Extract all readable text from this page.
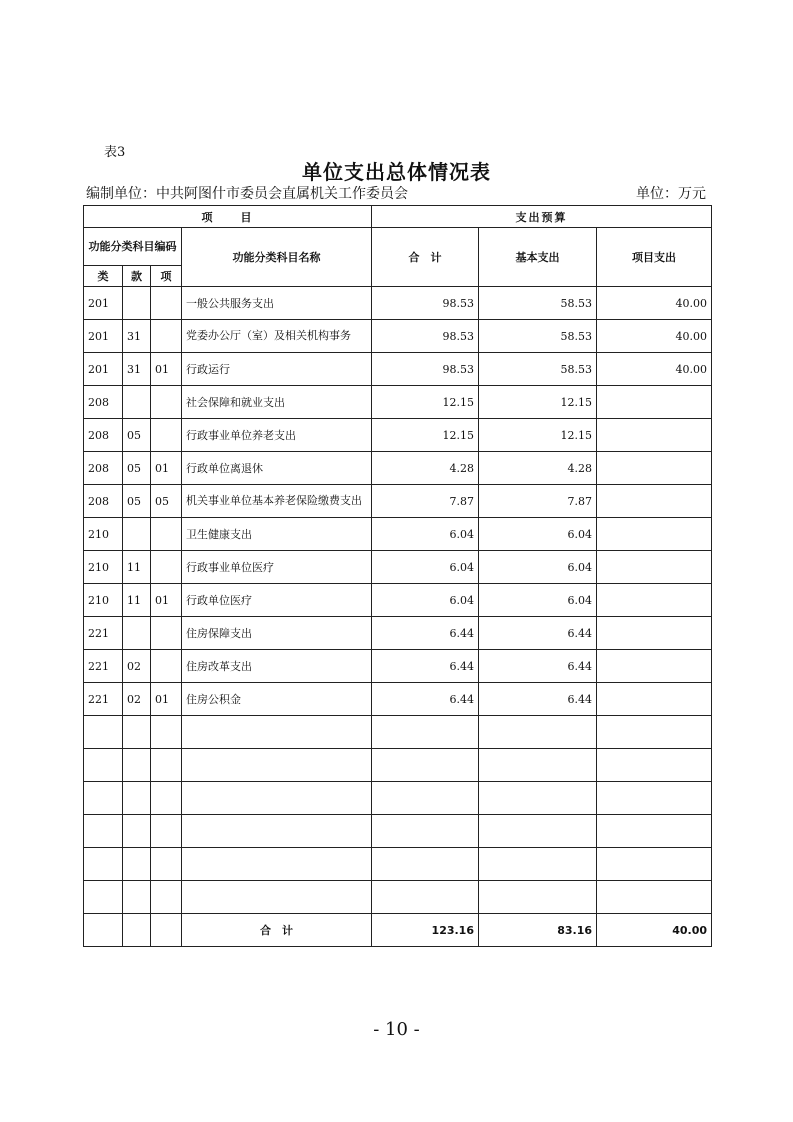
表3
单位支出总体情况表
编制单位：中共阿图什市委员会直属机关工作委员会	单位：万元
项　　目				支出预算		
功能分类科目编码			功能分类科目名称	合　计	基本支出	项目支出
类	款	项				
201			一般公共服务支出	98.53	58.53	40.00
201	31		党委办公厅（室）及相关机构事务	98.53	58.53	40.00
201	31	01	行政运行	98.53	58.53	40.00
208			社会保障和就业支出	12.15	12.15	
208	05		行政事业单位养老支出	12.15	12.15	
208	05	01	行政单位离退休	4.28	4.28	
208	05	05	机关事业单位基本养老保险缴费支出	7.87	7.87	
210			卫生健康支出	6.04	6.04	
210	11		行政事业单位医疗	6.04	6.04	
210	11	01	行政单位医疗	6.04	6.04	
221			住房保障支出	6.44	6.44	
221	02		住房改革支出	6.44	6.44	
221	02	01	住房公积金	6.44	6.44	

			合　计	123.16	83.16	40.00
- 10 -
